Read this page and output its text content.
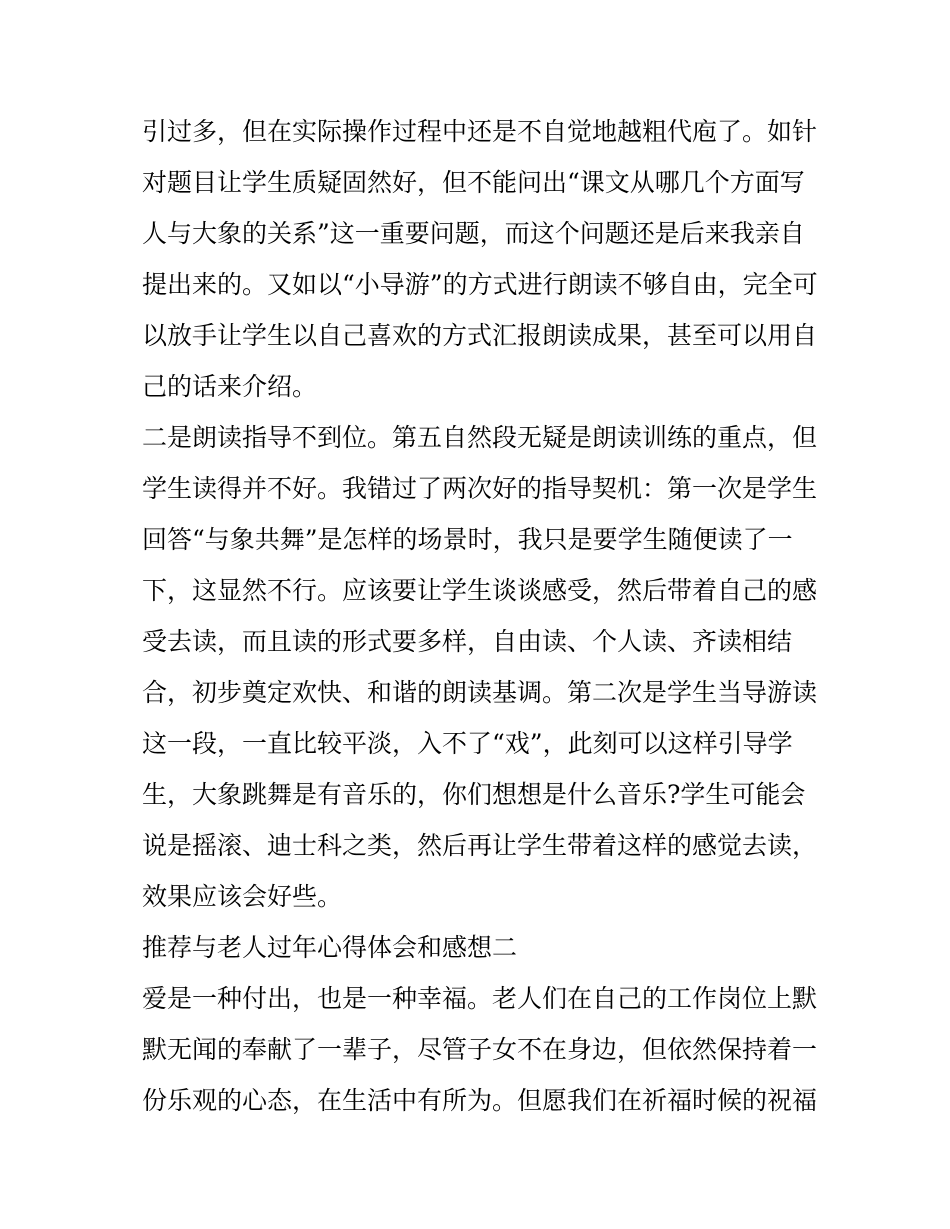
引过多，但在实际操作过程中还是不自觉地越粗代庖了。如针
对题目让学生质疑固然好，但不能问出“课文从哪几个方面写
人与大象的关系”这一重要问题，而这个问题还是后来我亲自
提出来的。又如以“小导游”的方式进行朗读不够自由，完全可
以放手让学生以自己喜欢的方式汇报朗读成果，甚至可以用自
己的话来介绍。
二是朗读指导不到位。第五自然段无疑是朗读训练的重点，但
学生读得并不好。我错过了两次好的指导契机：第一次是学生
回答“与象共舞”是怎样的场景时，我只是要学生随便读了一
下，这显然不行。应该要让学生谈谈感受，然后带着自己的感
受去读，而且读的形式要多样，自由读、个人读、齐读相结
合，初步奠定欢快、和谐的朗读基调。第二次是学生当导游读
这一段，一直比较平淡，入不了“戏”，此刻可以这样引导学
生，大象跳舞是有音乐的，你们想想是什么音乐?学生可能会
说是摇滚、迪士科之类，然后再让学生带着这样的感觉去读，
效果应该会好些。
推荐与老人过年心得体会和感想二
爱是一种付出，也是一种幸福。老人们在自己的工作岗位上默
默无闻的奉献了一辈子，尽管子女不在身边，但依然保持着一
份乐观的心态，在生活中有所为。但愿我们在祈福时候的祝福
